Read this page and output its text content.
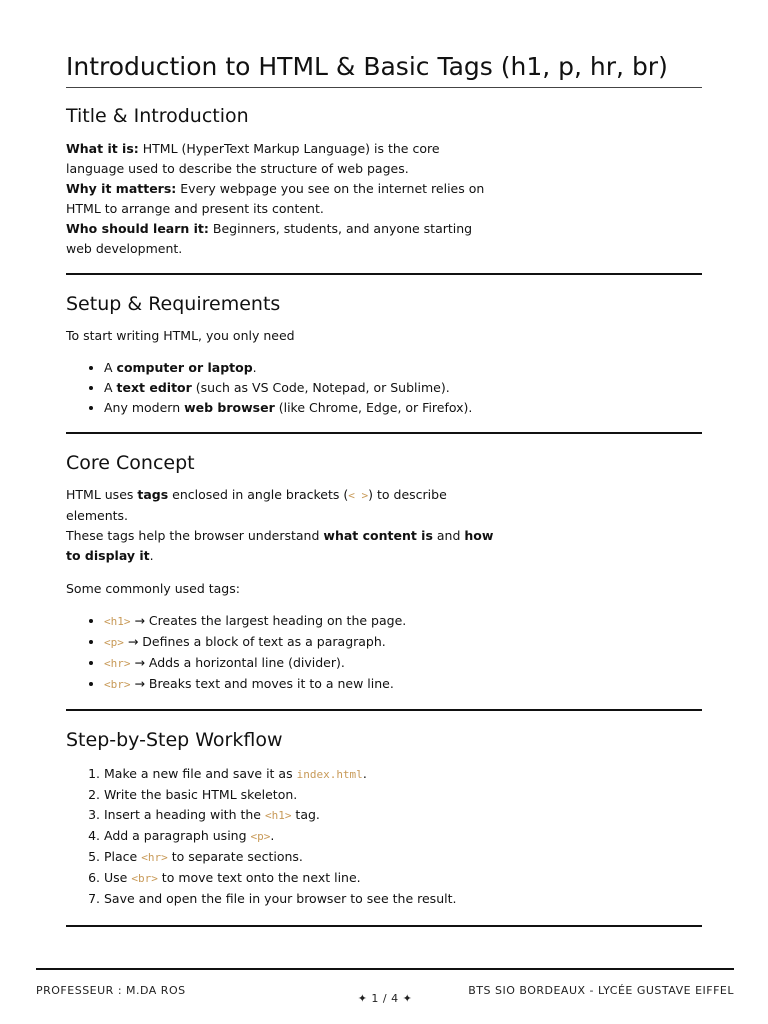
Introduction to HTML & Basic Tags (h1, p, hr, br)
Title & Introduction

What it is: HTML (HyperText Markup Language) is the core language used to describe the structure of web pages.

Why it matters: Every webpage you see on the internet relies on HTML to arrange and present its content.

Who should learn it: Beginners, students, and anyone starting web development.

Setup & Requirements

To start writing HTML, you only need

• A computer or laptop.
• A text editor (such as VS Code, Notepad, or Sublime).
• Any modern web browser (like Chrome, Edge, or Firefox).
Core Concept

HTML uses tags enclosed in angle brackets (< >) to describe elements.

These tags help the browser understand what content is and how to display it.

Some commonly used tags:

• <h1> → Creates the largest heading on the page.
• <p> → Defines a block of text as a paragraph.
• <hr> → Adds a horizontal line (divider).
• <br> → Breaks text and moves it to a new line.
Step-by-Step Workflow
1. Make a new file and save it as index.html.
2. Write the basic HTML skeleton.
3. Insert a heading with the <h1> tag.
4. Add a paragraph using <p>.
5. Place <hr> to separate sections.
6. Use <br> to move text onto the next line.
7. Save and open the file in your browser to see the result.
PROFESSEUR : M.DA ROS
✦ 1 / 4 ✦
BTS SIO BORDEAUX - LYCÉE GUSTAVE EIFFEL
